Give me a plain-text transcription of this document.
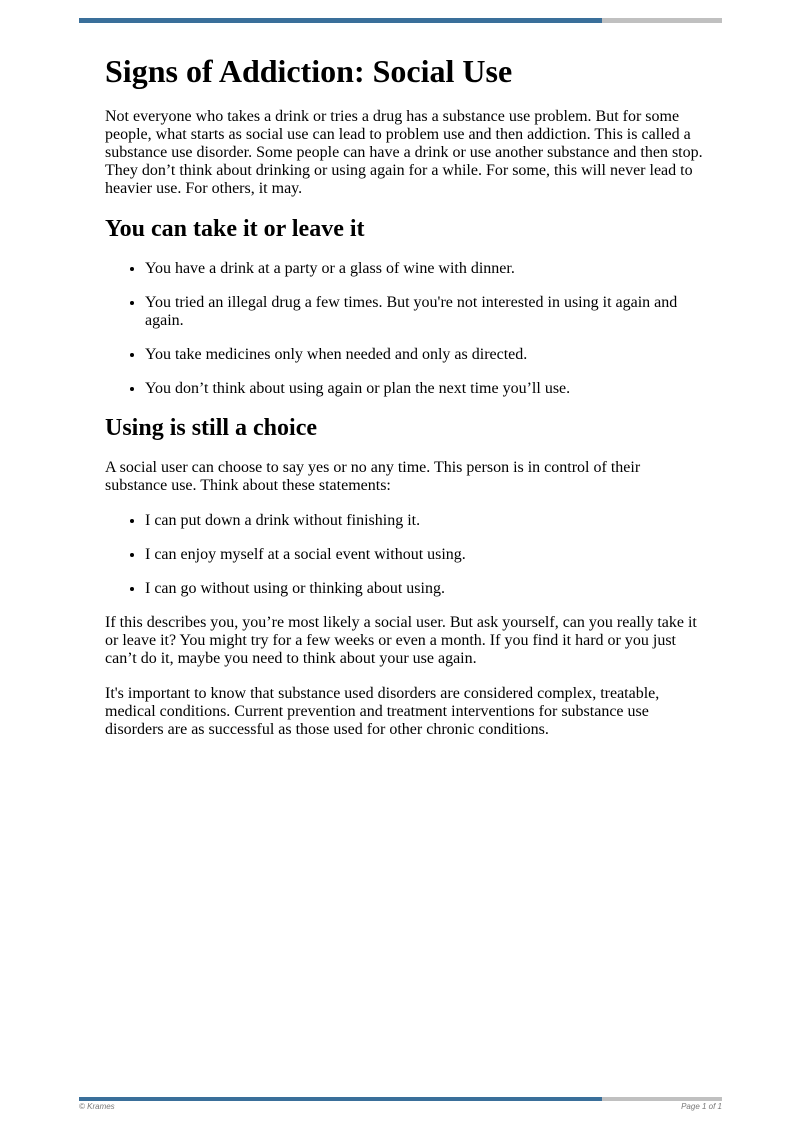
Signs of Addiction: Social Use

Not everyone who takes a drink or tries a drug has a substance use problem. But for some people, what starts as social use can lead to problem use and then addiction. This is called a substance use disorder. Some people can have a drink or use another substance and then stop. They don’t think about drinking or using again for a while. For some, this will never lead to heavier use. For others, it may.

You can take it or leave it
• You have a drink at a party or a glass of wine with dinner.
• You tried an illegal drug a few times. But you're not interested in using it again and again.
• You take medicines only when needed and only as directed.
• You don’t think about using again or plan the next time you’ll use.
Using is still a choice

A social user can choose to say yes or no any time. This person is in control of their substance use. Think about these statements:

• I can put down a drink without finishing it.
• I can enjoy myself at a social event without using.
• I can go without using or thinking about using.

If this describes you, you’re most likely a social user. But ask yourself, can you really take it or leave it? You might try for a few weeks or even a month. If you find it hard or you just can’t do it, maybe you need to think about your use again.

It's important to know that substance used disorders are considered complex, treatable, medical conditions. Current prevention and treatment interventions for substance use disorders are as successful as those used for other chronic conditions.

© Krames	Page 1 of 1
